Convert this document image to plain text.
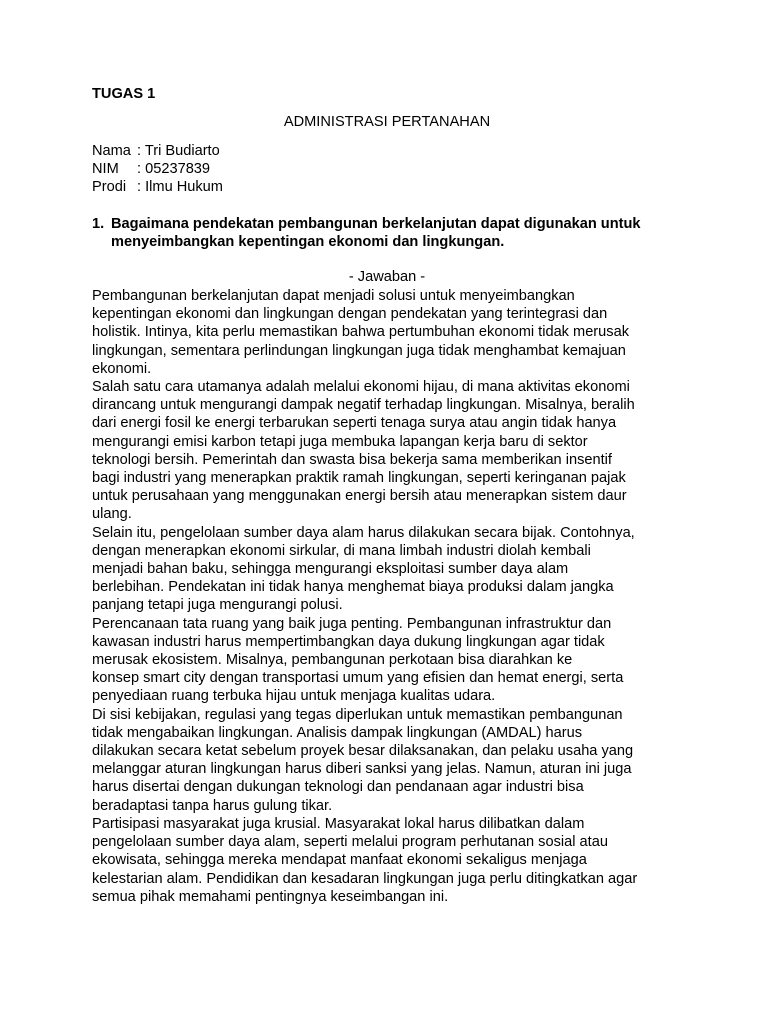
TUGAS 1
ADMINISTRASI PERTANAHAN
Nama : Tri Budiarto
NIM	: 05237839
Prodi : Ilmu Hukum
1. Bagaimana pendekatan pembangunan berkelanjutan dapat digunakan untuk
menyeimbangkan kepentingan ekonomi dan lingkungan.
- Jawaban -
Pembangunan berkelanjutan dapat menjadi solusi untuk menyeimbangkan
kepentingan ekonomi dan lingkungan dengan pendekatan yang terintegrasi dan
holistik. Intinya, kita perlu memastikan bahwa pertumbuhan ekonomi tidak merusak
lingkungan, sementara perlindungan lingkungan juga tidak menghambat kemajuan
ekonomi.
Salah satu cara utamanya adalah melalui ekonomi hijau, di mana aktivitas ekonomi
dirancang untuk mengurangi dampak negatif terhadap lingkungan. Misalnya, beralih
dari energi fosil ke energi terbarukan seperti tenaga surya atau angin tidak hanya
mengurangi emisi karbon tetapi juga membuka lapangan kerja baru di sektor
teknologi bersih. Pemerintah dan swasta bisa bekerja sama memberikan insentif
bagi industri yang menerapkan praktik ramah lingkungan, seperti keringanan pajak
untuk perusahaan yang menggunakan energi bersih atau menerapkan sistem daur
ulang.
Selain itu, pengelolaan sumber daya alam harus dilakukan secara bijak. Contohnya,
dengan menerapkan ekonomi sirkular, di mana limbah industri diolah kembali
menjadi bahan baku, sehingga mengurangi eksploitasi sumber daya alam
berlebihan. Pendekatan ini tidak hanya menghemat biaya produksi dalam jangka
panjang tetapi juga mengurangi polusi.
Perencanaan tata ruang yang baik juga penting. Pembangunan infrastruktur dan
kawasan industri harus mempertimbangkan daya dukung lingkungan agar tidak
merusak ekosistem. Misalnya, pembangunan perkotaan bisa diarahkan ke
konsep smart city dengan transportasi umum yang efisien dan hemat energi, serta
penyediaan ruang terbuka hijau untuk menjaga kualitas udara.
Di sisi kebijakan, regulasi yang tegas diperlukan untuk memastikan pembangunan
tidak mengabaikan lingkungan. Analisis dampak lingkungan (AMDAL) harus
dilakukan secara ketat sebelum proyek besar dilaksanakan, dan pelaku usaha yang
melanggar aturan lingkungan harus diberi sanksi yang jelas. Namun, aturan ini juga
harus disertai dengan dukungan teknologi dan pendanaan agar industri bisa
beradaptasi tanpa harus gulung tikar.
Partisipasi masyarakat juga krusial. Masyarakat lokal harus dilibatkan dalam
pengelolaan sumber daya alam, seperti melalui program perhutanan sosial atau
ekowisata, sehingga mereka mendapat manfaat ekonomi sekaligus menjaga
kelestarian alam. Pendidikan dan kesadaran lingkungan juga perlu ditingkatkan agar
semua pihak memahami pentingnya keseimbangan ini.
